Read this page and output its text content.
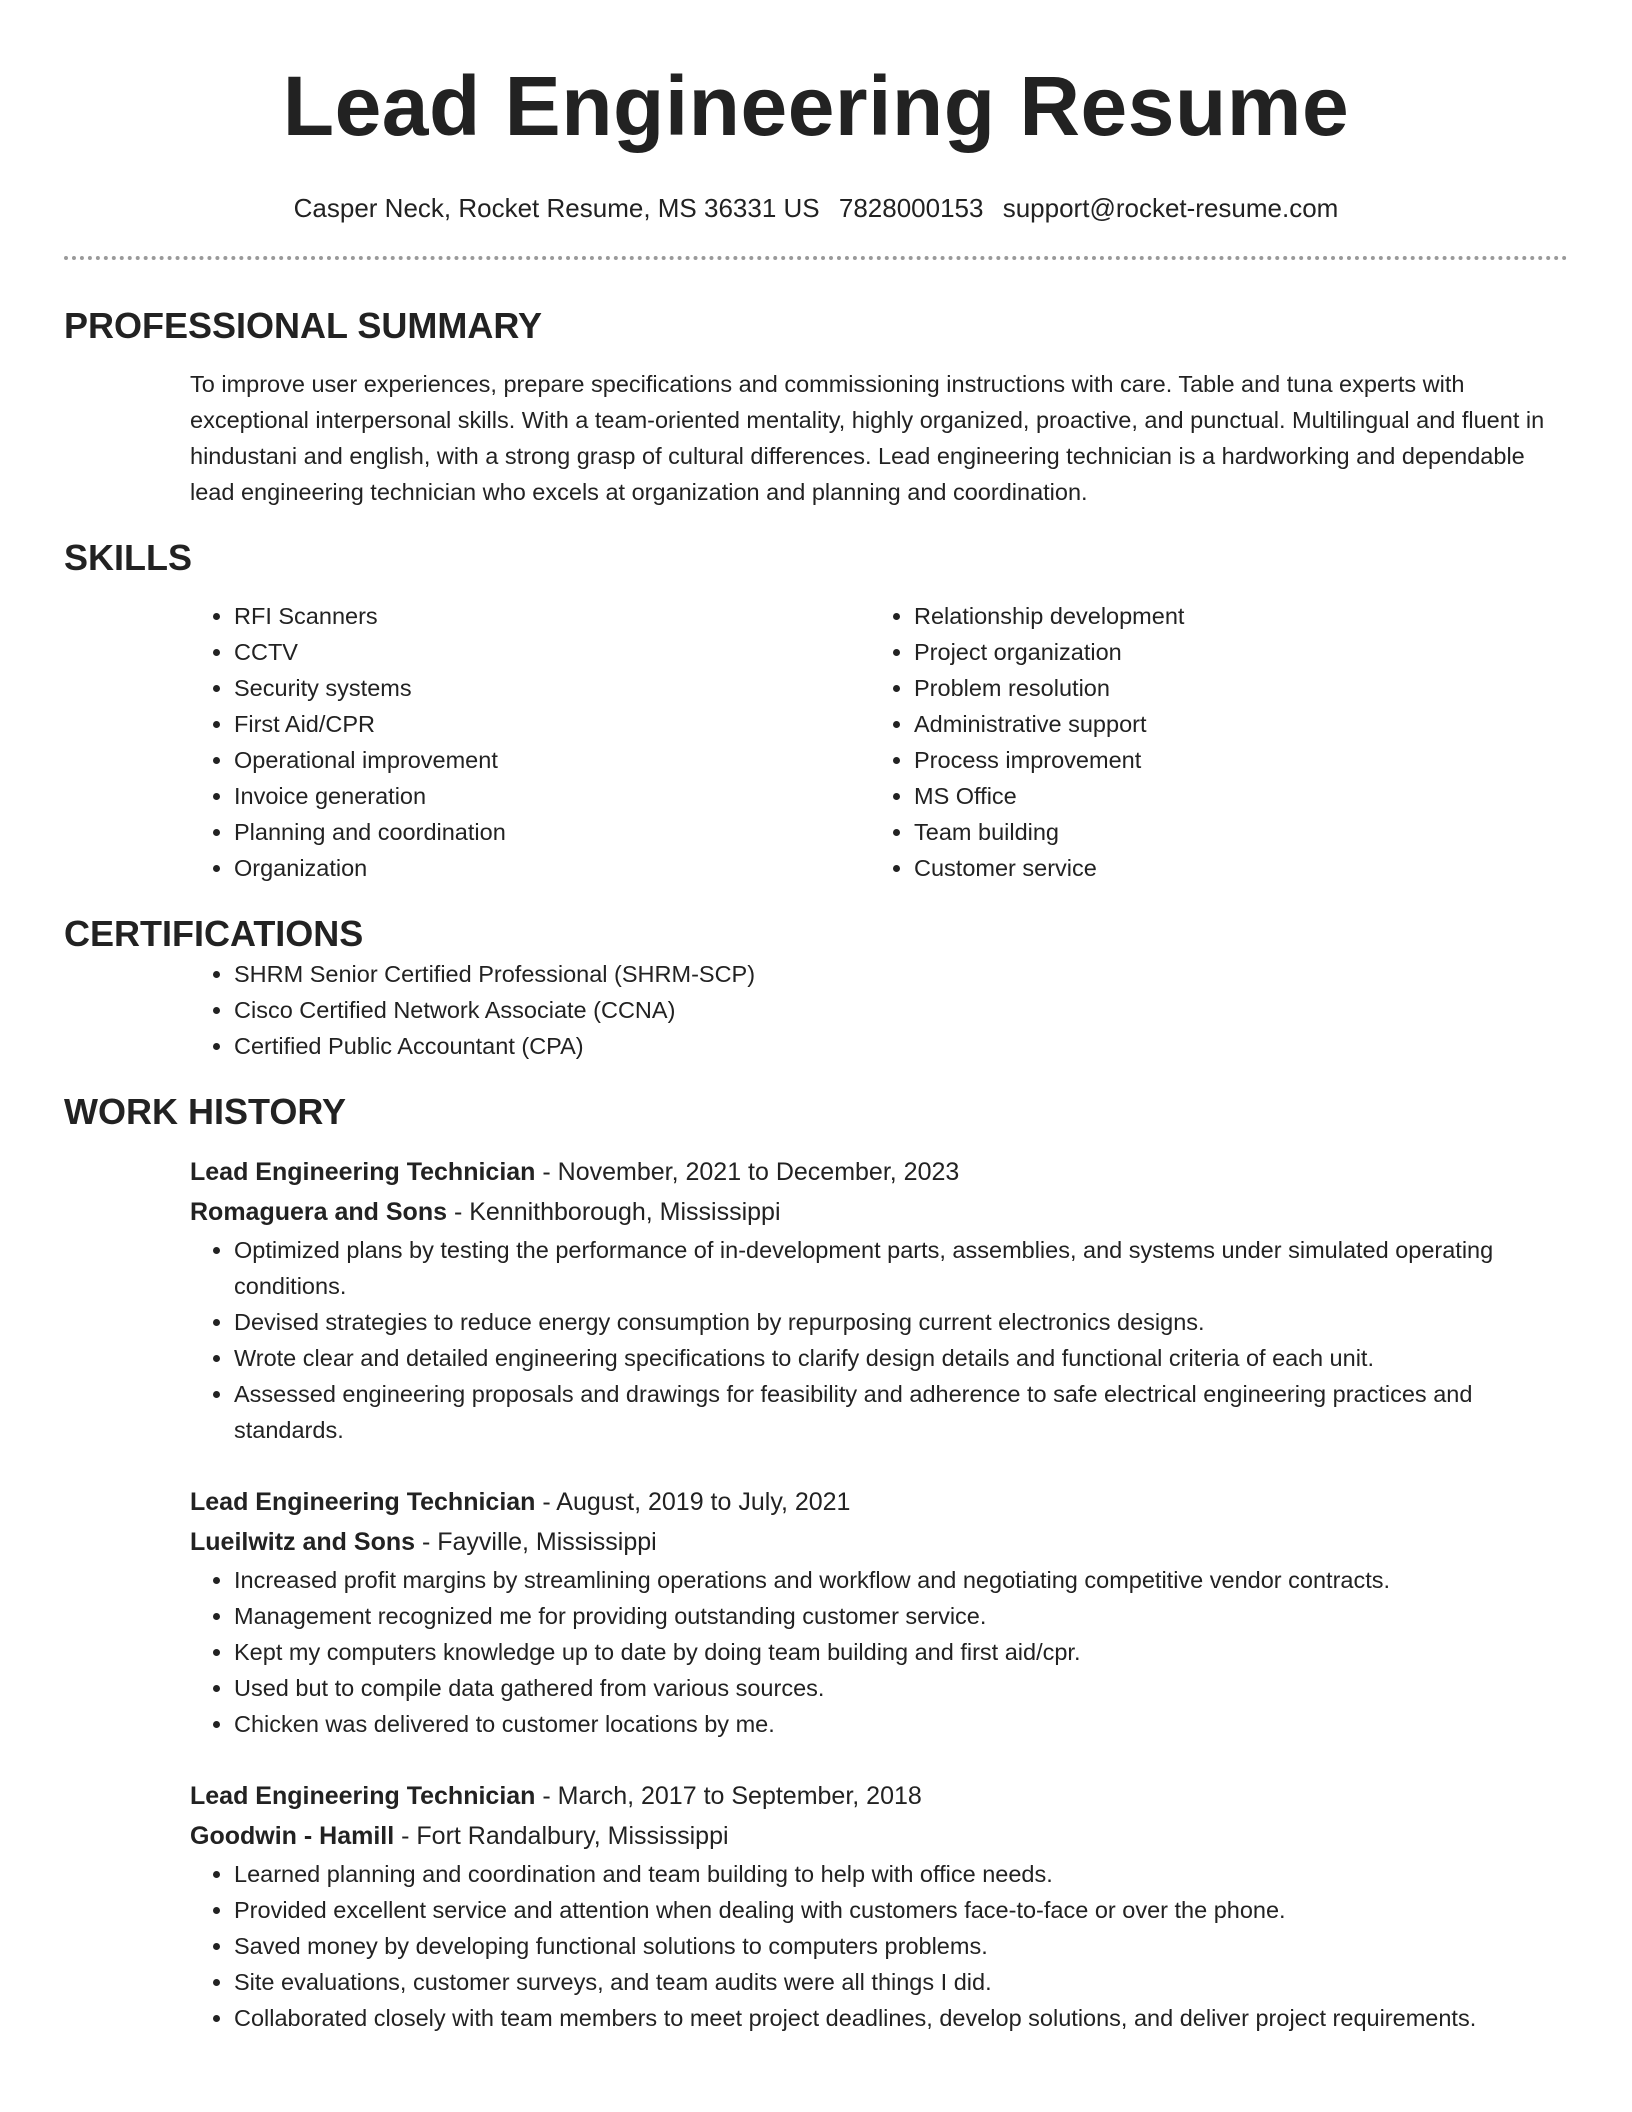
Lead Engineering Resume
Casper Neck, Rocket Resume, MS 36331 US 7828000153 support@rocket-resume.com
PROFESSIONAL SUMMARY

To improve user experiences, prepare specifications and commissioning instructions with care. Table and tuna experts with exceptional interpersonal skills. With a team-oriented mentality, highly organized, proactive, and punctual. Multilingual and fluent in hindustani and english, with a strong grasp of cultural differences. Lead engineering technician is a hardworking and dependable lead engineering technician who excels at organization and planning and coordination.

SKILLS
• RFI Scanners
• CCTV
• Security systems
• First Aid/CPR
• Operational improvement
• Invoice generation
• Planning and coordination
• Organization
• Relationship development
• Project organization
• Problem resolution
• Administrative support
• Process improvement
• MS Office
• Team building
• Customer service
CERTIFICATIONS
• SHRM Senior Certified Professional (SHRM-SCP)
• Cisco Certified Network Associate (CCNA)
• Certified Public Accountant (CPA)
WORK HISTORY
Lead Engineering Technician - November, 2021 to December, 2023
Romaguera and Sons - Kennithborough, Mississippi
• Optimized plans by testing the performance of in-development parts, assemblies, and systems under simulated operating conditions.
• Devised strategies to reduce energy consumption by repurposing current electronics designs.
• Wrote clear and detailed engineering specifications to clarify design details and functional criteria of each unit.
• Assessed engineering proposals and drawings for feasibility and adherence to safe electrical engineering practices and standards.
Lead Engineering Technician - August, 2019 to July, 2021
Lueilwitz and Sons - Fayville, Mississippi
• Increased profit margins by streamlining operations and workflow and negotiating competitive vendor contracts.
• Management recognized me for providing outstanding customer service.
• Kept my computers knowledge up to date by doing team building and first aid/cpr.
• Used but to compile data gathered from various sources.
• Chicken was delivered to customer locations by me.
Lead Engineering Technician - March, 2017 to September, 2018
Goodwin - Hamill - Fort Randalbury, Mississippi
• Learned planning and coordination and team building to help with office needs.
• Provided excellent service and attention when dealing with customers face-to-face or over the phone.
• Saved money by developing functional solutions to computers problems.
• Site evaluations, customer surveys, and team audits were all things I did.
• Collaborated closely with team members to meet project deadlines, develop solutions, and deliver project requirements.
